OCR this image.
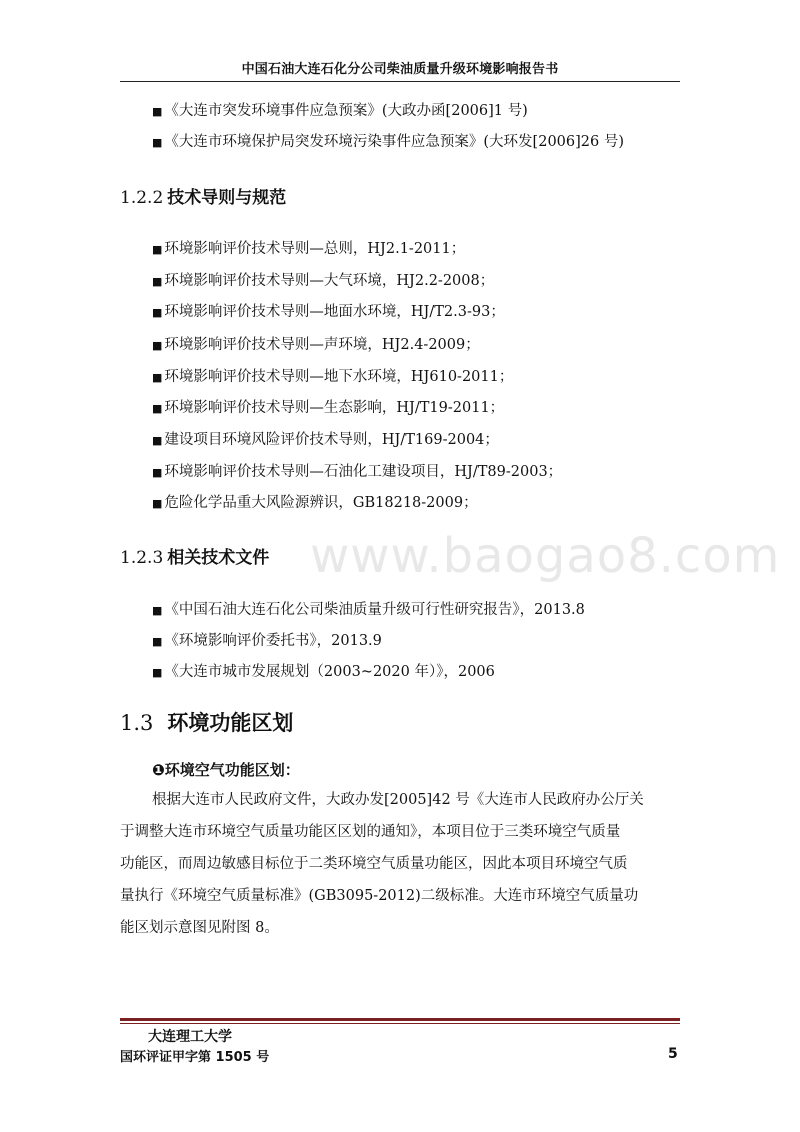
中国石油大连石化分公司柴油质量升级环境影响报告书
■ 《大连市突发环境事件应急预案》(大政办函[2006]1 号)
■ 《大连市环境保护局突发环境污染事件应急预案》(大环发[2006]26 号)
1.2.2 技术导则与规范
■ 环境影响评价技术导则—总则，HJ2.1-2011；
■ 环境影响评价技术导则—大气环境，HJ2.2-2008；
■ 环境影响评价技术导则—地面水环境，HJ/T2.3-93；
■ 环境影响评价技术导则—声环境，HJ2.4-2009；
■ 环境影响评价技术导则—地下水环境，HJ610-2011；
■ 环境影响评价技术导则—生态影响，HJ/T19-2011；
■ 建设项目环境风险评价技术导则，HJ/T169-2004；
■ 环境影响评价技术导则—石油化工建设项目，HJ/T89-2003；
■ 危险化学品重大风险源辨识，GB18218-2009；
www.baogao8.com
1.2.3 相关技术文件
■ 《中国石油大连石化公司柴油质量升级可行性研究报告》，2013.8
■ 《环境影响评价委托书》，2013.9
■ 《大连市城市发展规划（2003~2020 年）》，2006
1.3 环境功能区划
❶环境空气功能区划：
根据大连市人民政府文件，大政办发[2005]42 号《大连市人民政府办公厅关
于调整大连市环境空气质量功能区区划的通知》，本项目位于三类环境空气质量
功能区，而周边敏感目标位于二类环境空气质量功能区，因此本项目环境空气质
量执行《环境空气质量标准》(GB3095-2012)二级标准。大连市环境空气质量功
能区划示意图见附图 8。
大连理工大学
国环评证甲字第 1505 号	5
